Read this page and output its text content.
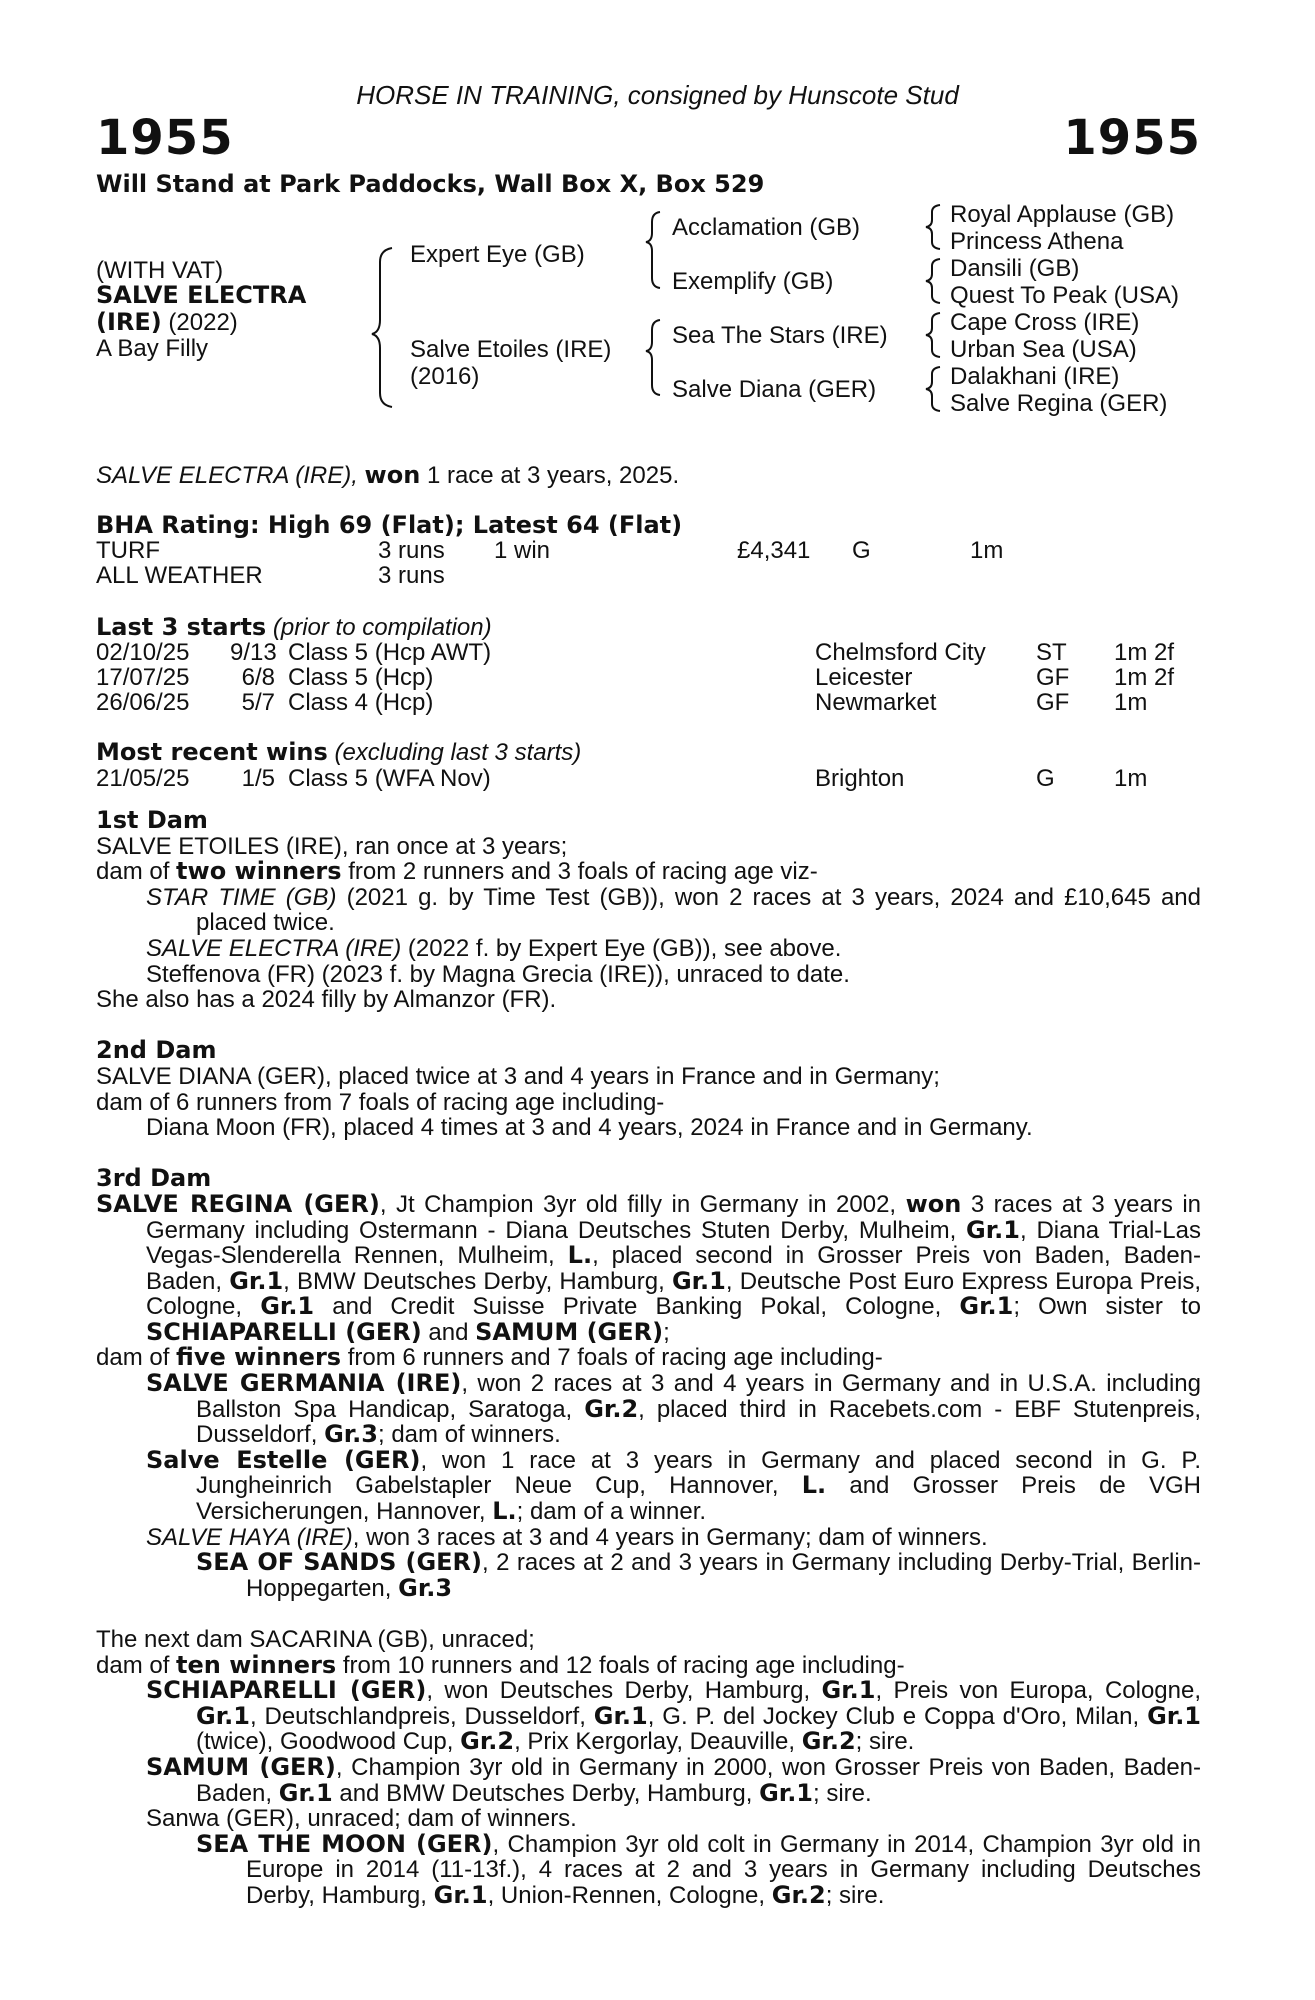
HORSE IN TRAINING, consigned by Hunscote Stud
1955	1955
Will Stand at Park Paddocks, Wall Box X, Box 529
(WITH VAT)
SALVE ELECTRA
(IRE) (2022)
A Bay Filly
Expert Eye (GB)
Salve Etoiles (IRE)
(2016)
Acclamation (GB)
Exemplify (GB)
Sea The Stars (IRE)
Salve Diana (GER)
Royal Applause (GB)
Princess Athena
Dansili (GB)
Quest To Peak (USA)
Cape Cross (IRE)
Urban Sea (USA)
Dalakhani (IRE)
Salve Regina (GER)
SALVE ELECTRA (IRE), won 1 race at 3 years, 2025.
BHA Rating: High 69 (Flat); Latest 64 (Flat)
TURF	3 runs 1 win	£4,341 G	1m
ALL WEATHER	3 runs
Last 3 starts (prior to compilation)
02/10/25 9/13 Class 5 (Hcp AWT)	Chelmsford City ST 1m 2f
17/07/25	6/8 Class 5 (Hcp)	Leicester	GF 1m 2f
26/06/25	5/7 Class 4 (Hcp)	Newmarket	GF 1m
Most recent wins (excluding last 3 starts)
21/05/25	1/5 Class 5 (WFA Nov)	Brighton	G 1m
1st Dam
SALVE ETOILES (IRE), ran once at 3 years;
dam of two winners from 2 runners and 3 foals of racing age viz-
STAR TIME (GB) (2021 g. by Time Test (GB)), won 2 races at 3 years, 2024 and £10,645 and placed twice.
SALVE ELECTRA (IRE) (2022 f. by Expert Eye (GB)), see above.
Steffenova (FR) (2023 f. by Magna Grecia (IRE)), unraced to date.
She also has a 2024 filly by Almanzor (FR).
2nd Dam
SALVE DIANA (GER), placed twice at 3 and 4 years in France and in Germany;
dam of 6 runners from 7 foals of racing age including-
Diana Moon (FR), placed 4 times at 3 and 4 years, 2024 in France and in Germany.
3rd Dam
SALVE REGINA (GER), Jt Champion 3yr old filly in Germany in 2002, won 3 races at 3 years in Germany including Ostermann - Diana Deutsches Stuten Derby, Mulheim, Gr.1, Diana Trial-Las Vegas-Slenderella Rennen, Mulheim, L., placed second in Grosser Preis von Baden, Baden-Baden, Gr.1, BMW Deutsches Derby, Hamburg, Gr.1, Deutsche Post Euro Express Europa Preis, Cologne, Gr.1 and Credit Suisse Private Banking Pokal, Cologne, Gr.1; Own sister to SCHIAPARELLI (GER) and SAMUM (GER);
dam of five winners from 6 runners and 7 foals of racing age including-
SALVE GERMANIA (IRE), won 2 races at 3 and 4 years in Germany and in U.S.A. including Ballston Spa Handicap, Saratoga, Gr.2, placed third in Racebets.com - EBF Stutenpreis, Dusseldorf, Gr.3; dam of winners.
Salve Estelle (GER), won 1 race at 3 years in Germany and placed second in G. P. Jungheinrich Gabelstapler Neue Cup, Hannover, L. and Grosser Preis de VGH Versicherungen, Hannover, L.; dam of a winner.
SALVE HAYA (IRE), won 3 races at 3 and 4 years in Germany; dam of winners.
SEA OF SANDS (GER), 2 races at 2 and 3 years in Germany including Derby-Trial, Berlin-Hoppegarten, Gr.3
The next dam SACARINA (GB), unraced;
dam of ten winners from 10 runners and 12 foals of racing age including-
SCHIAPARELLI (GER), won Deutsches Derby, Hamburg, Gr.1, Preis von Europa, Cologne, Gr.1, Deutschlandpreis, Dusseldorf, Gr.1, G. P. del Jockey Club e Coppa d'Oro, Milan, Gr.1 (twice), Goodwood Cup, Gr.2, Prix Kergorlay, Deauville, Gr.2; sire.
SAMUM (GER), Champion 3yr old in Germany in 2000, won Grosser Preis von Baden, Baden-Baden, Gr.1 and BMW Deutsches Derby, Hamburg, Gr.1; sire.
Sanwa (GER), unraced; dam of winners.
SEA THE MOON (GER), Champion 3yr old colt in Germany in 2014, Champion 3yr old in Europe in 2014 (11-13f.), 4 races at 2 and 3 years in Germany including Deutsches Derby, Hamburg, Gr.1, Union-Rennen, Cologne, Gr.2; sire.
